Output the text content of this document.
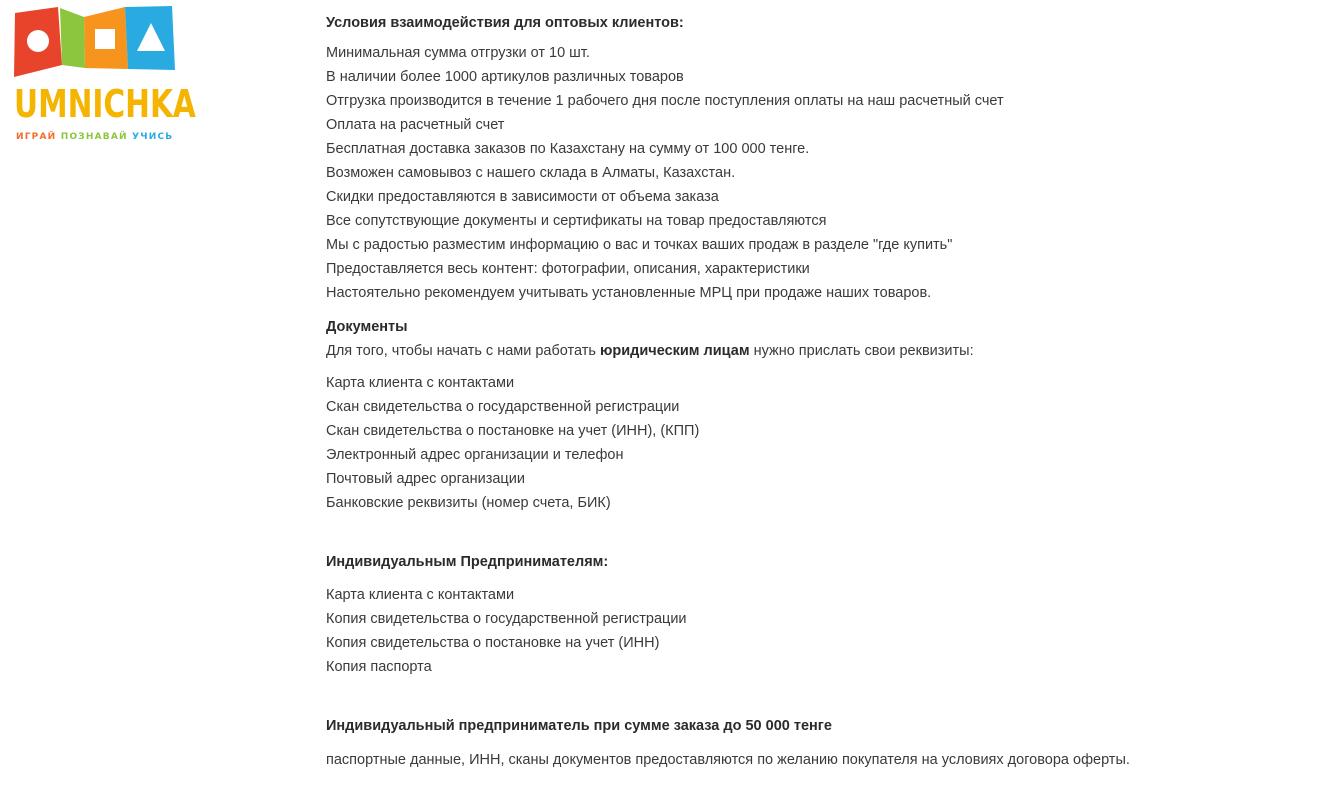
UMNICHKA

ИГРАЙ ПОЗНАВАЙ УЧИСЬ

Условия взаимодействия для оптовых клиентов:

Минимальная сумма отгрузки от 10 шт.

В наличии более 1000 артикулов различных товаров

Отгрузка производится в течение 1 рабочего дня после поступления оплаты на наш расчетный счет

Оплата на расчетный счет

Бесплатная доставка заказов по Казахстану на сумму от 100 000 тенге.

Возможен самовывоз с нашего склада в Алматы, Казахстан.

Скидки предоставляются в зависимости от объема заказа

Все сопутствующие документы и сертификаты на товар предоставляются

Мы с радостью разместим информацию о вас и точках ваших продаж в разделе "где купить"

Предоставляется весь контент: фотографии, описания, характеристики

Настоятельно рекомендуем учитывать установленные МРЦ при продаже наших товаров.

Документы

Для того, чтобы начать с нами работать юридическим лицам нужно прислать свои реквизиты:

Карта клиента с контактами

Скан свидетельства о государственной регистрации

Скан свидетельства о постановке на учет (ИНН), (КПП)

Электронный адрес организации и телефон

Почтовый адрес организации

Банковские реквизиты (номер счета, БИК)

Индивидуальным Предпринимателям:

Карта клиента с контактами

Копия свидетельства о государственной регистрации

Копия свидетельства о постановке на учет (ИНН)

Копия паспорта

Индивидуальный предприниматель при сумме заказа до 50 000 тенге

паспортные данные, ИНН, сканы документов предоставляются по желанию покупателя на условиях договора оферты.
